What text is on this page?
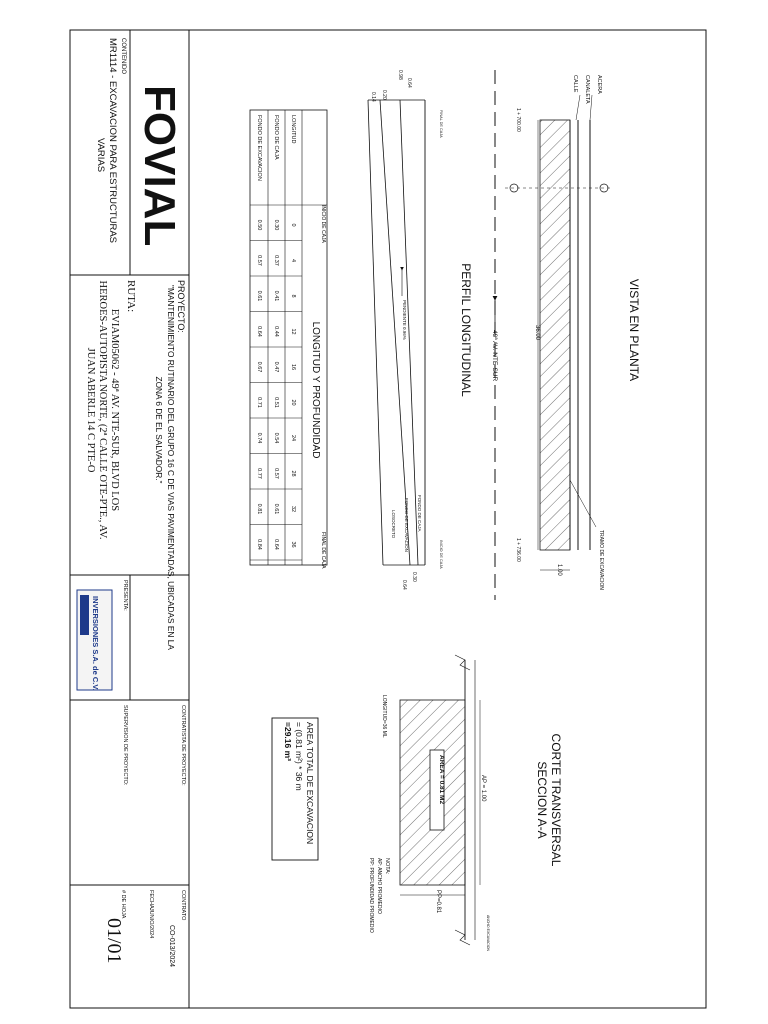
CONTENIDO
MR1114 - EXCAVACION PARA ESTRUCTURAS
VARIAS FOVIAL
PROYECTO:
"MANTENIMIENTO RUTINARIO DEL GRUPO 16 C DE VIAS PAVIMENTADAS, UBICADAS EN LA
ZONA 6 DE EL SALVADOR."
RUTA:
EVIAM05062 - 49ª AV. NTE-SUR, BLVD LOS
HEROES-AUTOPISTA NORTE, (2ª CALLE OTE-PTE., AV.
JUAN ABERLE 14 C PTE-O
PRESENTA:
INVERSIONES S.A. de C.V.
CONTRATISTA DE PROYECTO:
SUPERVISION DE PROYECTO:
CONTRATO
CO-013/2024
FECHA:
JUNIO/2024
# DE HOJA
01/01
VISTA EN PLANTA
ACERA
CANALETA
CALLE
1 + 700.00
1 + 736.00
36.00
49ª AV. NTE-SUR
TRAMO DE EXCAVACION
1.00
PERFIL LONGITUDINAL
PENDIENTE 0.96%
FONDO DE CAJA
FONDO DE EXCAVACION
LOSOCRETO
FINAL DE CAJA
INICIO DE CAJA
0.64
0.98
0.20
0.14
0.30
0.64
LONGITUD Y PROFUNDIDAD
INICIO DE CAJA
FINAL DE CAJA
LONGITUD
0
4
8
12
16
20
24
28
32
36
FONDO DE CAJA
0.30
0.37
0.41
0.44
0.47
0.51
0.54
0.57
0.61
0.64
FONDO DE EXCAVACION
0.50
0.57
0.61
0.64
0.67
0.71
0.74
0.77
0.81
0.84
CORTE TRANSVERSAL
SECCION A-A
AREA = 0.81 M2	AP = 1.00
PP=0.81
ANCHO EXCAVACION
LONGITUD=36 ML
NOTA:
AP: ANCHO PROMEDIO
PP: PROFUNDIDAD PROMEDIO
AREA TOTAL DE EXCAVACION
= (0.81 m²) * 36 m
=29.16 m³
